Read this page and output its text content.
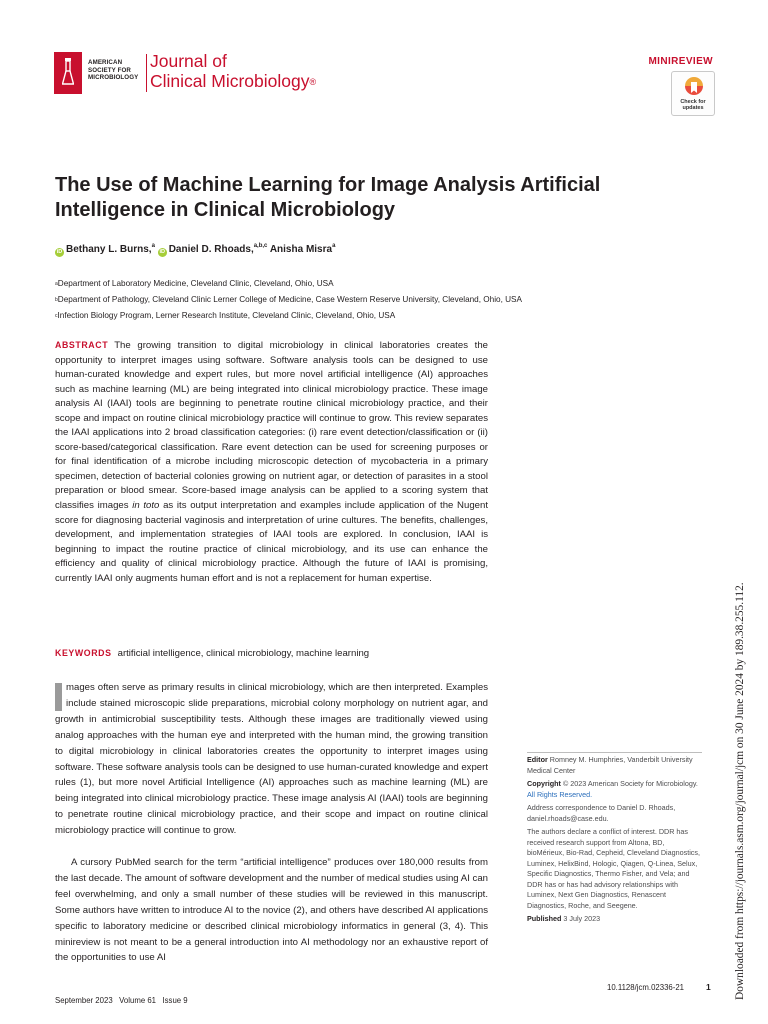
AMERICAN
SOCIETY FOR
MICROBIOLOGY
Journal of
Clinical Microbiology®
MINIREVIEW
Check for
updates
The Use of Machine Learning for Image Analysis Artificial Intelligence in Clinical Microbiology
iD Bethany L. Burns,$^a$ iD Daniel D. Rhoads,$^{a,b,c}$ Anisha Misra$^a$
$^a$Department of Laboratory Medicine, Cleveland Clinic, Cleveland, Ohio, USA
$^b$Department of Pathology, Cleveland Clinic Lerner College of Medicine, Case Western Reserve University, Cleveland, Ohio, USA
$^c$Infection Biology Program, Lerner Research Institute, Cleveland Clinic, Cleveland, Ohio, USA

ABSTRACT The growing transition to digital microbiology in clinical laboratories creates the opportunity to interpret images using software. Software analysis tools can be designed to use human-curated knowledge and expert rules, but more novel artificial intelligence (AI) approaches such as machine learning (ML) are being integrated into clinical microbiology practice. These image analysis AI (IAAI) tools are beginning to penetrate routine clinical microbiology practice, and their scope and impact on routine clinical microbiology practice will continue to grow. This review separates the IAAI applications into 2 broad classification categories: (i) rare event detection/classification or (ii) score-based/categorical classification. Rare event detection can be used for screening purposes or for final identification of a microbe including microscopic detection of mycobacteria in a primary specimen, detection of bacterial colonies growing on nutrient agar, or detection of parasites in a stool preparation or blood smear. Score-based image analysis can be applied to a scoring system that classifies images in toto as its output interpretation and examples include application of the Nugent score for diagnosing bacterial vaginosis and interpretation of urine cultures. The benefits, challenges, development, and implementation strategies of IAAI tools are explored. In conclusion, IAAI is beginning to impact the routine practice of clinical microbiology, and its use can enhance the efficiency and quality of clinical microbiology practice. Although the future of IAAI is promising, currently IAAI only augments human effort and is not a replacement for human expertise.

KEYWORDS artificial intelligence, clinical microbiology, machine learning

mages often serve as primary results in clinical microbiology, which are then interpreted. Examples include stained microscopic slide preparations, microbial colony morphology on nutrient agar, and growth in antimicrobial susceptibility tests. Although these images are traditionally viewed using analog approaches with the human eye and interpreted with the human mind, the growing transition to digital microbiology in clinical laboratories creates the opportunity to interpret images using software. These software analysis tools can be designed to use human-curated knowledge and expert rules (1), but more novel Artificial Intelligence (AI) approaches such as machine learning (ML) are being integrated into clinical microbiology practice. These image analysis AI (IAAI) tools are beginning to penetrate routine clinical microbiology practice, and their scope and impact on routine clinical microbiology practice will continue to grow.

A cursory PubMed search for the term “artificial intelligence” produces over 180,000 results from the last decade. The amount of software development and the number of medical studies using AI can feel overwhelming, and only a small number of these studies will be reviewed in this manuscript. Some authors have written to introduce AI to the novice (2), and others have described AI applications specific to laboratory medicine or described clinical microbiology informatics in general (3, 4). This minireview is not meant to be a general introduction into AI methodology nor an exhaustive report of the opportunities to use AI

Editor Romney M. Humphries, Vanderbilt University Medical Center

Copyright © 2023 American Society for Microbiology. All Rights Reserved.

Address correspondence to Daniel D. Rhoads, daniel.rhoads@case.edu.

The authors declare a conflict of interest. DDR has received research support from Altona, BD, bioMérieux, Bio-Rad, Cepheid, Cleveland Diagnostics, Luminex, HelixBind, Hologic, Qiagen, Q-Linea, Selux, Specific Diagnostics, Thermo Fisher, and Vela; and DDR has or has had advisory relationships with Luminex, Next Gen Diagnostics, Renascent Diagnostics, Roche, and Seegene.

Published 3 July 2023

10.1128/jcm.02336-21	1
September 2023   Volume 61   Issue 9
Downloaded from https://journals.asm.org/journal/jcm on 30 June 2024 by 189.38.255.112.
